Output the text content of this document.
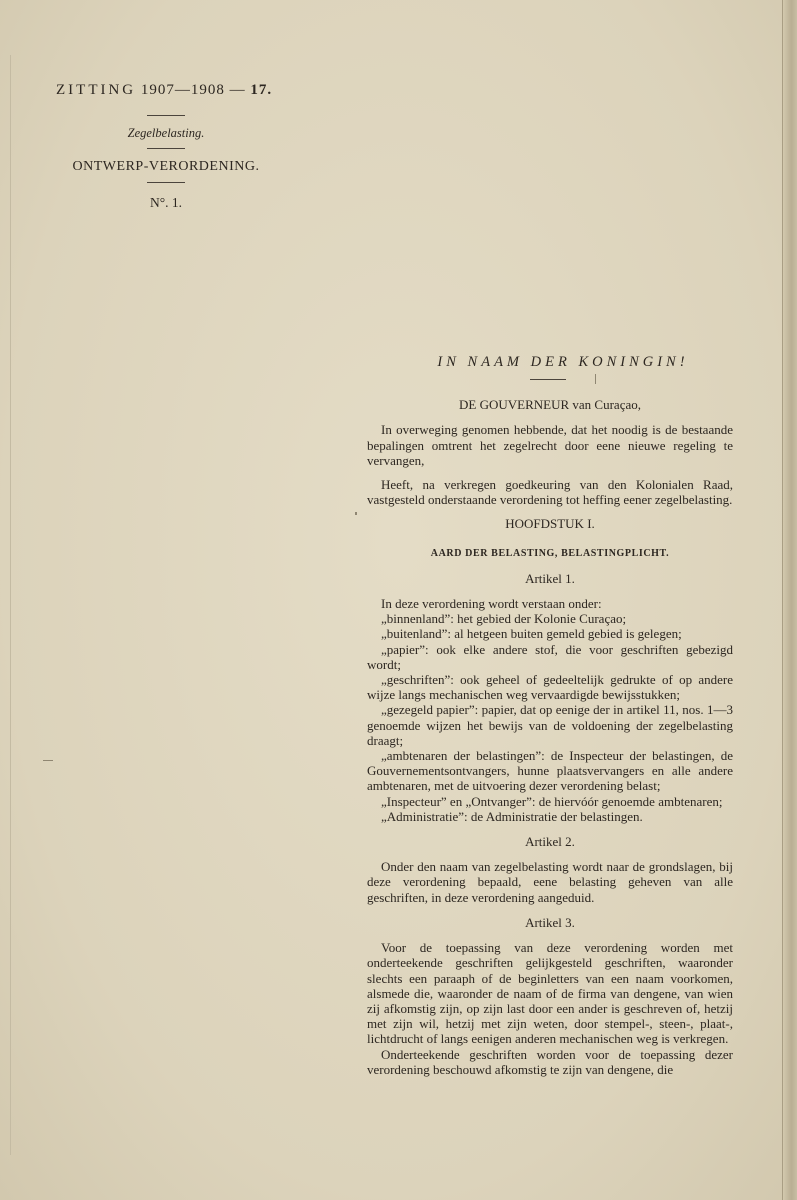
ZITTING 1907—1908 — 17.
Zegelbelasting.
ONTWERP-VERORDENING.
N°. 1.
IN NAAM DER KONINGIN!
DE GOUVERNEUR van Curaçao,

In overweging genomen hebbende, dat het noodig is de bestaande bepalingen omtrent het zegelrecht door eene nieuwe regeling te vervangen,

Heeft, na verkregen goedkeuring van den Kolonialen Raad, vastgesteld onderstaande verordening tot heffing eener zegelbelasting.

HOOFDSTUK I.
AARD DER BELASTING, BELASTINGPLICHT.
Artikel 1.

In deze verordening wordt verstaan onder:

„binnenland”: het gebied der Kolonie Curaçao;

„buitenland”: al hetgeen buiten gemeld gebied is gelegen;

„papier”: ook elke andere stof, die voor geschriften gebezigd wordt;

„geschriften”: ook geheel of gedeeltelijk gedrukte of op andere wijze langs mechanischen weg vervaardigde bewijsstukken;

„gezegeld papier”: papier, dat op eenige der in artikel 11, nos. 1—3 genoemde wijzen het bewijs van de voldoening der zegelbelasting draagt;

„ambtenaren der belastingen”: de Inspecteur der belastingen, de Gouvernementsontvangers, hunne plaatsvervangers en alle andere ambtenaren, met de uitvoering dezer verordening belast;

„Inspecteur” en „Ontvanger”: de hiervóór genoemde ambtenaren;

„Administratie”: de Administratie der belastingen.

Artikel 2.

Onder den naam van zegelbelasting wordt naar de grondslagen, bij deze verordening bepaald, eene belasting geheven van alle geschriften, in deze verordening aangeduid.

Artikel 3.

Voor de toepassing van deze verordening worden met onderteekende geschriften gelijkgesteld geschriften, waaronder slechts een paraaph of de beginletters van een naam voorkomen, alsmede die, waaronder de naam of de firma van dengene, van wien zij afkomstig zijn, op zijn last door een ander is geschreven of, hetzij met zijn wil, hetzij met zijn weten, door stempel-, steen-, plaat-, lichtdrucht of langs eenigen anderen mechanischen weg is verkregen.

Onderteekende geschriften worden voor de toepassing dezer verordening beschouwd afkomstig te zijn van dengene, die
